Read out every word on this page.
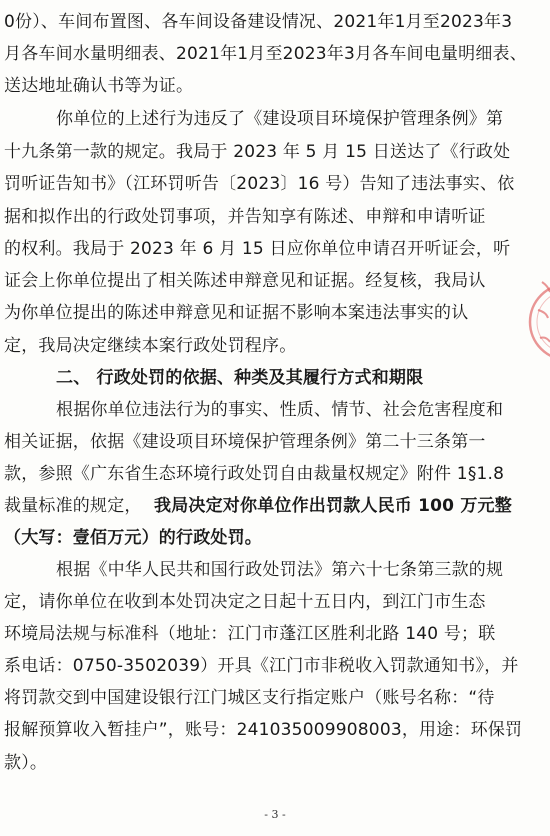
0份）、车间布置图、各车间设备建设情况、2021年1月至2023年3
月各车间水量明细表、2021年1月至2023年3月各车间电量明细表、
送达地址确认书等为证。
你单位的上述行为违反了《建设项目环境保护管理条例》第
十九条第一款的规定。我局于 2023 年 5 月 15 日送达了《行政处
罚听证告知书》（江环罚听告〔2023〕16 号）告知了违法事实、依
据和拟作出的行政处罚事项，并告知享有陈述、申辩和申请听证
的权利。我局于 2023 年 6 月 15 日应你单位申请召开听证会，听
证会上你单位提出了相关陈述申辩意见和证据。经复核，我局认
为你单位提出的陈述申辩意见和证据不影响本案违法事实的认
定，我局决定继续本案行政处罚程序。
二、 行政处罚的依据、种类及其履行方式和期限
根据你单位违法行为的事实、性质、情节、社会危害程度和
相关证据，依据《建设项目环境保护管理条例》第二十三条第一
款，参照《广东省生态环境行政处罚自由裁量权规定》附件 1§1.8
裁量标准的规定， 我局决定对你单位作出罚款人民币 100 万元整
（大写：壹佰万元）的行政处罚。
根据《中华人民共和国行政处罚法》第六十七条第三款的规
定，请你单位在收到本处罚决定之日起十五日内，到江门市生态
环境局法规与标准科（地址：江门市蓬江区胜利北路 140 号；联
系电话：0750-3502039）开具《江门市非税收入罚款通知书》，并
将罚款交到中国建设银行江门城区支行指定账户（账号名称：“待
报解预算收入暂挂户”，账号：241035009908003，用途：环保罚
款）。
- 3 -
